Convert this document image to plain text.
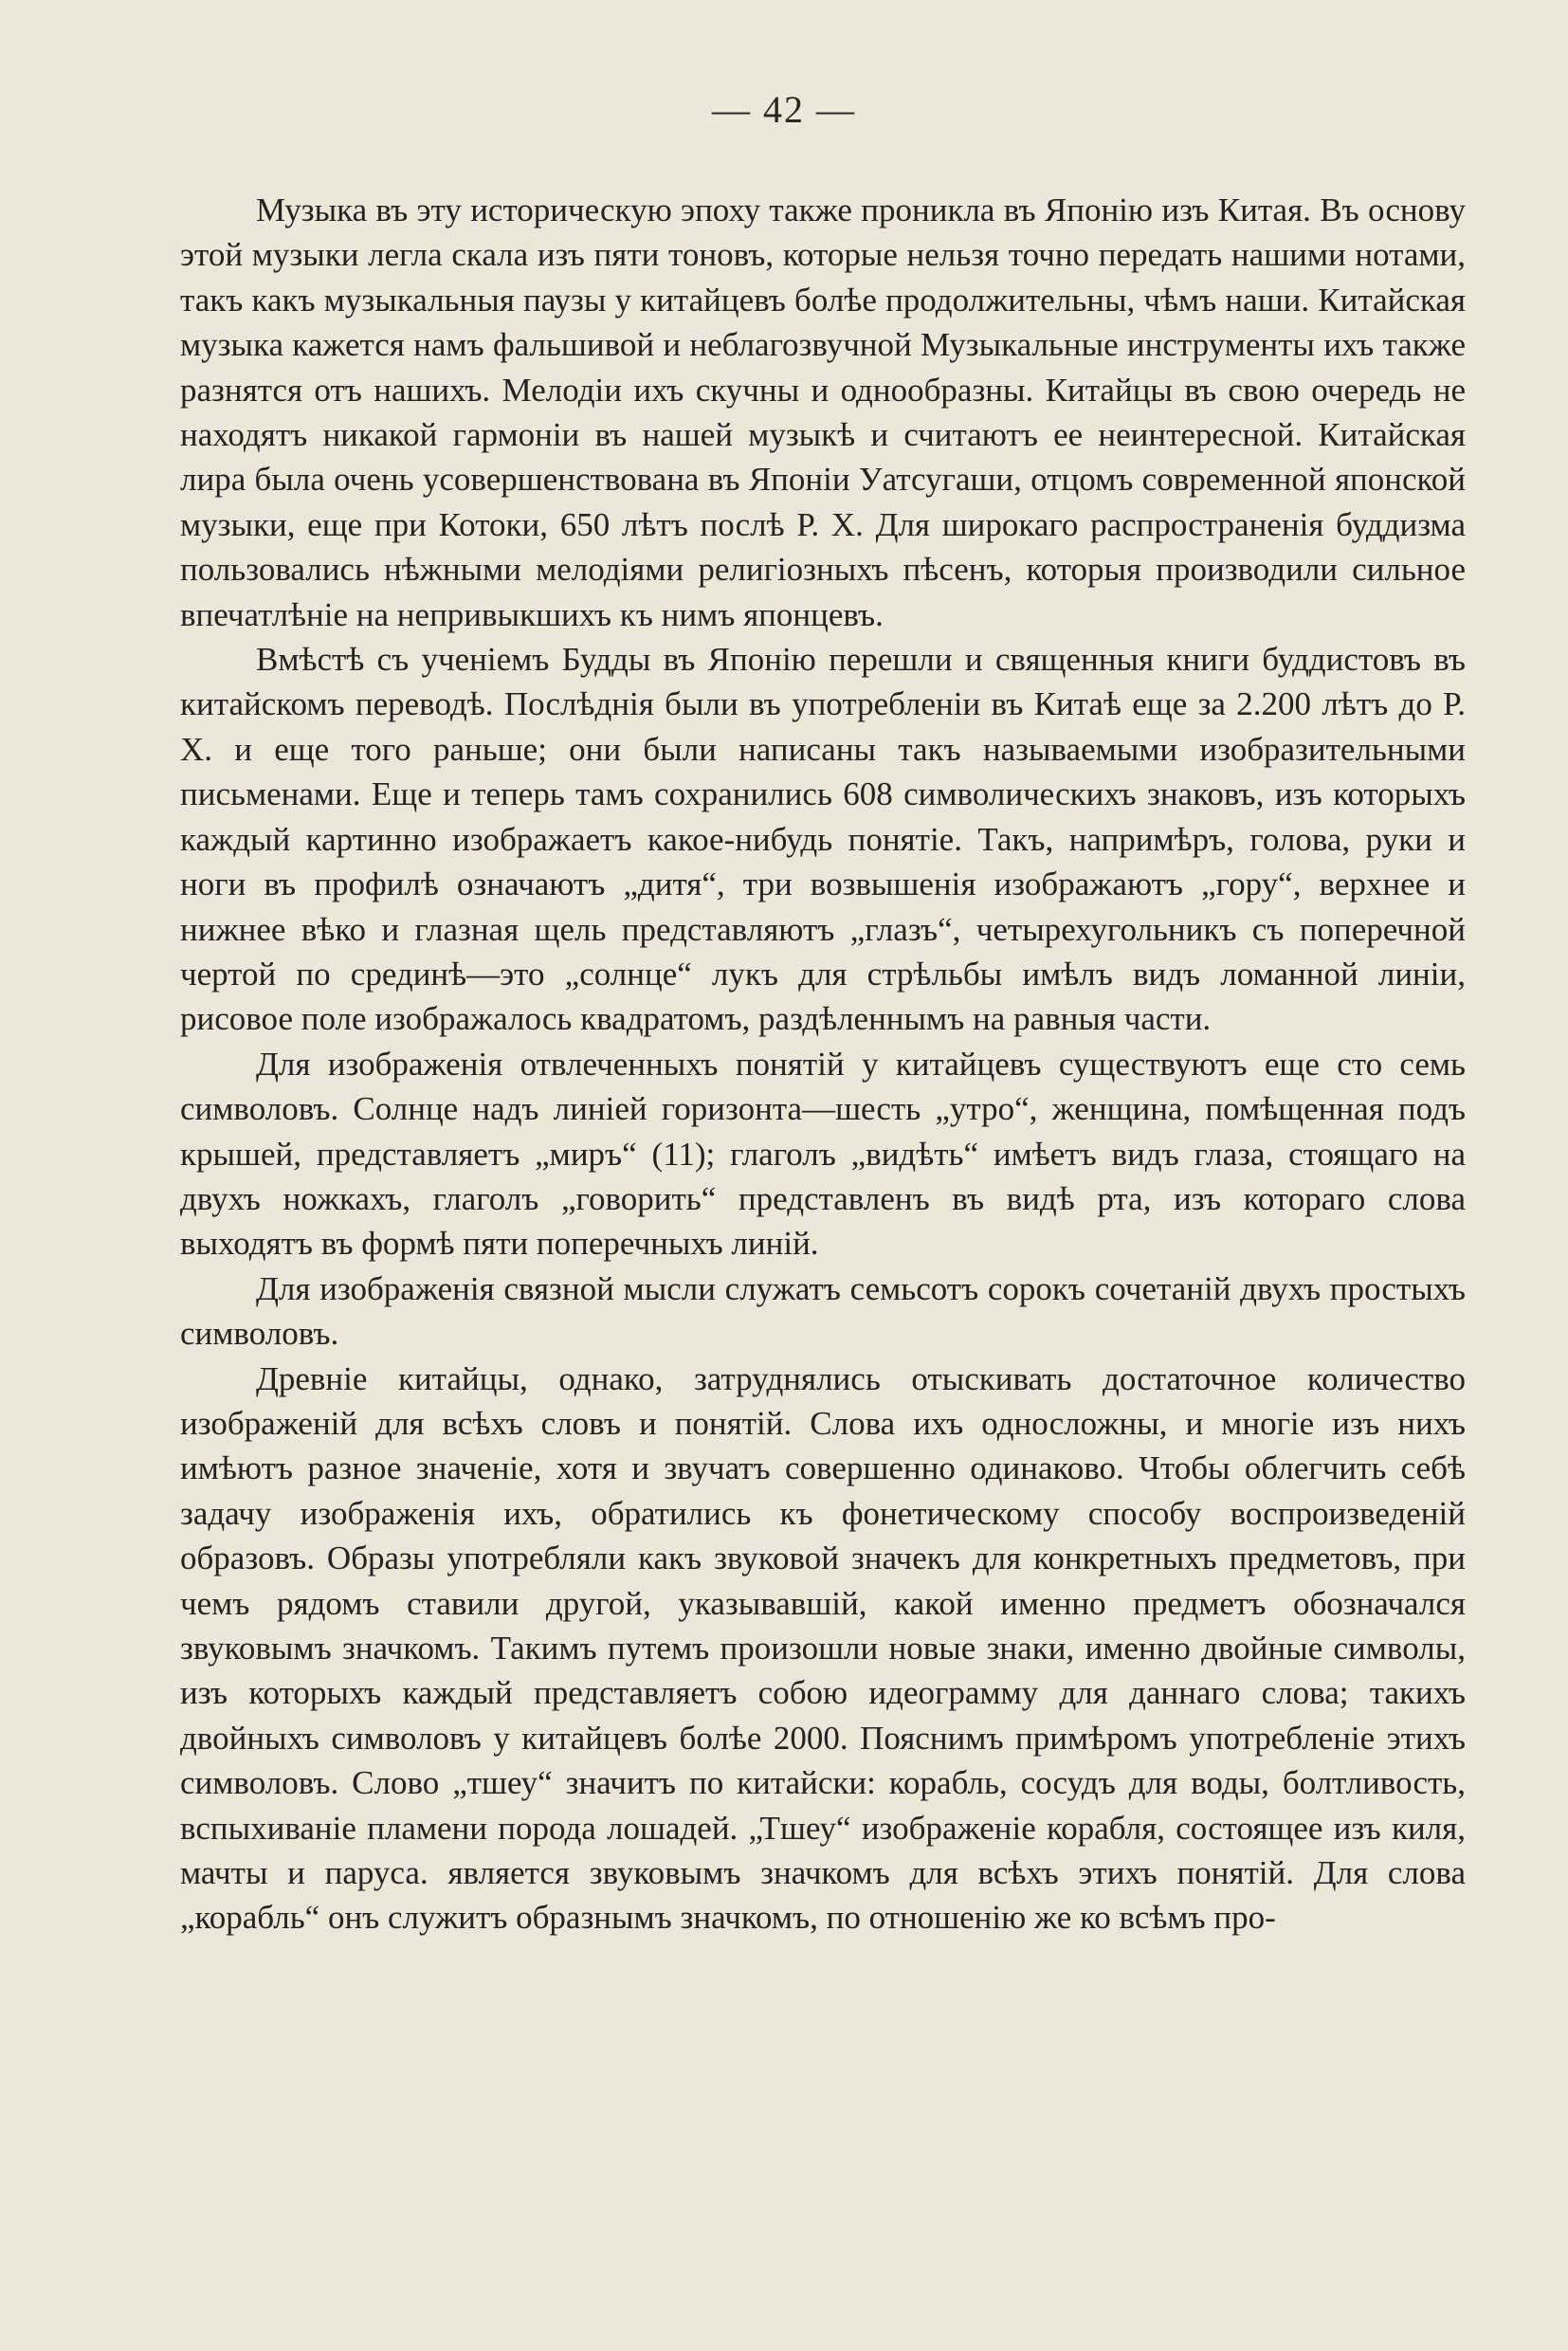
— 42 —

Музыка въ эту историческую эпоху также проникла въ Японію изъ Китая. Въ основу этой музыки легла скала изъ пяти тоновъ, которые нельзя точно передать нашими нотами, такъ какъ музыкальныя паузы у китайцевъ болѣе продолжительны, чѣмъ наши. Китайская музыка кажется намъ фальшивой и неблагозвучной Музыкальные инструменты ихъ также разнятся отъ нашихъ. Мелодіи ихъ скучны и однообразны. Китайцы въ свою очередь не находятъ никакой гармоніи въ нашей музыкѣ и считаютъ ее неинтересной. Китайская лира была очень усовершенствована въ Японіи Уатсугаши, отцомъ современной японской музыки, еще при Котоки, 650 лѣтъ послѣ Р. Х. Для широкаго распространенія буддизма пользовались нѣжными мелодіями религіозныхъ пѣсенъ, которыя производили сильное впечатлѣніе на непривыкшихъ къ нимъ японцевъ.

Вмѣстѣ съ ученіемъ Будды въ Японію перешли и священныя книги буддистовъ въ китайскомъ переводѣ. Послѣднія были въ употребленіи въ Китаѣ еще за 2.200 лѣтъ до Р. Х. и еще того раньше; они были написаны такъ называемыми изобразительными письменами. Еще и теперь тамъ сохранились 608 символическихъ знаковъ, изъ которыхъ каждый картинно изображаетъ какое-нибудь понятіе. Такъ, напримѣръ, голова, руки и ноги въ профилѣ означаютъ „дитя“, три возвышенія изображаютъ „гору“, верхнее и нижнее вѣко и глазная щель представляютъ „глазъ“, четырехугольникъ съ поперечной чертой по срединѣ—это „солнце“ лукъ для стрѣльбы имѣлъ видъ ломанной линіи, рисовое поле изображалось квадратомъ, раздѣленнымъ на равныя части.

Для изображенія отвлеченныхъ понятій у китайцевъ существуютъ еще сто семь символовъ. Солнце надъ линіей горизонта—шесть „утро“, женщина, помѣщенная подъ крышей, представляетъ „миръ“ (11); глаголъ „видѣть“ имѣетъ видъ глаза, стоящаго на двухъ ножкахъ, глаголъ „говорить“ представленъ въ видѣ рта, изъ котораго слова выходятъ въ формѣ пяти поперечныхъ линій.

Для изображенія связной мысли служатъ семьсотъ сорокъ сочетаній двухъ простыхъ символовъ.

Древніе китайцы, однако, затруднялись отыскивать достаточное количество изображеній для всѣхъ словъ и понятій. Слова ихъ односложны, и многіе изъ нихъ имѣютъ разное значеніе, хотя и звучатъ совершенно одинаково. Чтобы облегчить себѣ задачу изображенія ихъ, обратились къ фонетическому способу воспроизведеній образовъ. Образы употребляли какъ звуковой значекъ для конкретныхъ предметовъ, при чемъ рядомъ ставили другой, указывавшій, какой именно предметъ обозначался звуковымъ значкомъ. Такимъ путемъ произошли новые знаки, именно двойные символы, изъ которыхъ каждый представляетъ собою идеограмму для даннаго слова; такихъ двойныхъ символовъ у китайцевъ болѣе 2000. Пояснимъ примѣромъ употребленіе этихъ символовъ. Слово „тшеу“ значитъ по китайски: корабль, сосудъ для воды, болтливость, вспыхиваніе пламени порода лошадей. „Тшеу“ изображеніе корабля, состоящее изъ киля, мачты и паруса. является звуковымъ значкомъ для всѣхъ этихъ понятій. Для слова „корабль“ онъ служитъ образнымъ значкомъ, по отношенію же ко всѣмъ про-
